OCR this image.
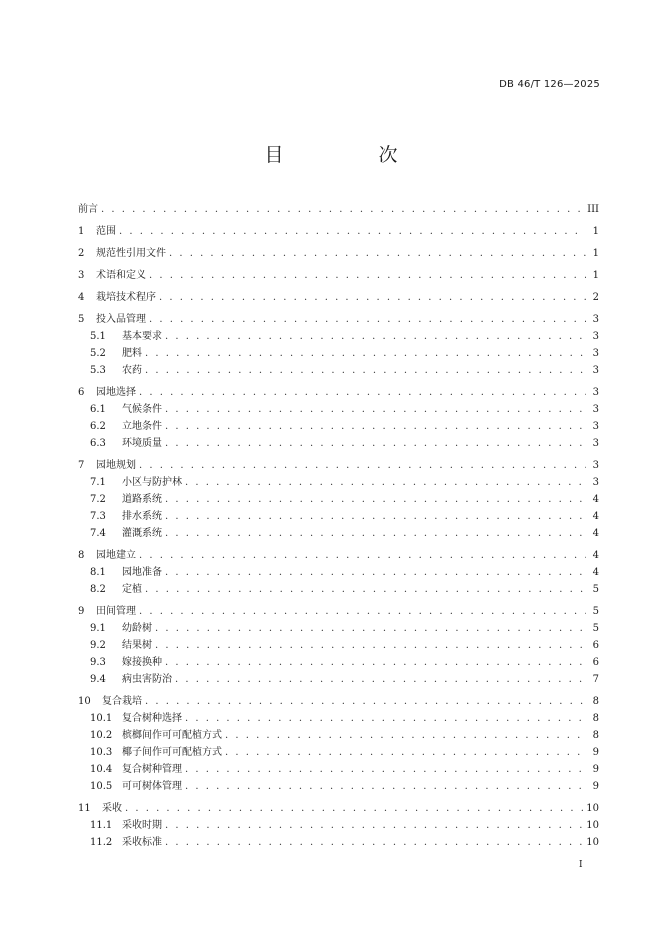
DB 46/T 126—2025
目　次
前言 . . .	III
1	范围 . . .	1
2	规范性引用文件 . . .	1
3	术语和定义 . . .	1
4	栽培技术程序 . . .	2
5	投入品管理 . . .	3
5.1	基本要求 . . .	3
5.2	肥料 . . .	3
5.3	农药 . . .	3
6	园地选择 . . .	3
6.1	气候条件 . . .	3
6.2	立地条件 . . .	3
6.3	环境质量 . . .	3
7	园地规划 . . .	3
7.1	小区与防护林 . . .	3
7.2	道路系统 . . .	4
7.3	排水系统 . . .	4
7.4	灌溉系统 . . .	4
8	园地建立 . . .	4
8.1	园地准备 . . .	4
8.2	定植 . . .	5
9	田间管理 . . .	5
9.1	幼龄树 . . .	5
9.2	结果树 . . .	6
9.3	嫁接换种 . . .	6
9.4	病虫害防治 . . .	7
10	复合栽培 . . .	8
10.1 复合树种选择 . . .	8
10.2 槟榔间作可可配植方式 . . .	8
10.3 椰子间作可可配植方式 . . .	9
10.4 复合树种管理 . . .	9
10.5 可可树体管理 . . .	9
11	采收 . . .	10
11.1 采收时期 . . .	10
11.2 采收标准 . . .	10
I
